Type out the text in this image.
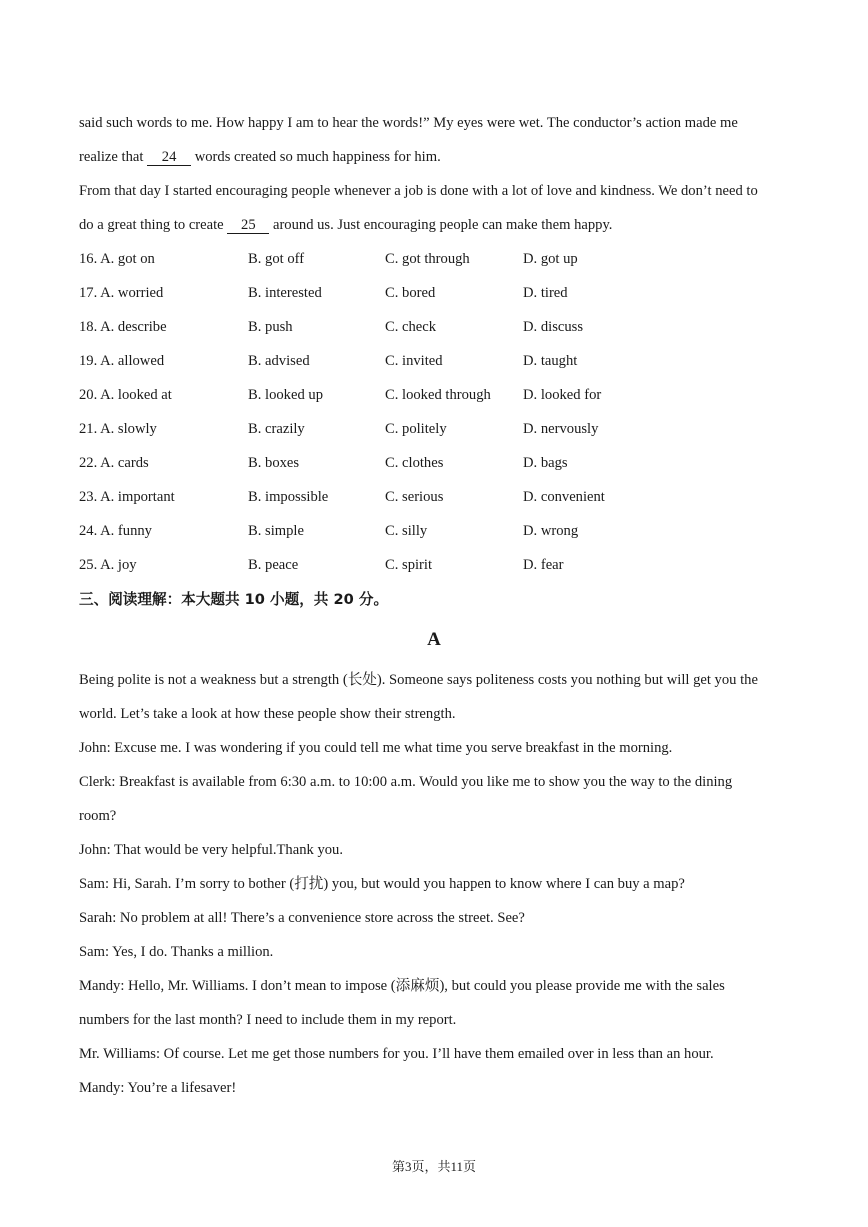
said such words to me. How happy I am to hear the words!” My eyes were wet. The conductor’s action made me
realize that 24 words created so much happiness for him.
From that day I started encouraging people whenever a job is done with a lot of love and kindness. We don’t need to
do a great thing to create 25 around us. Just encouraging people can make them happy.
16. A. got on	B. got off	C. got through	D. got up
17. A. worried	B. interested	C. bored	D. tired
18. A. describe	B. push	C. check	D. discuss
19. A. allowed	B. advised	C. invited	D. taught
20. A. looked at	B. looked up	C. looked through D. looked for
21. A. slowly	B. crazily	C. politely	D. nervously
22. A. cards	B. boxes	C. clothes	D. bags
23. A. important	B. impossible	C. serious	D. convenient
24. A. funny	B. simple	C. silly	D. wrong
25. A. joy	B. peace	C. spirit	D. fear
三、阅读理解：本大题共 10 小题，共 20 分。
A
Being polite is not a weakness but a strength (长处). Someone says politeness costs you nothing but will get you the
world. Let’s take a look at how these people show their strength.
John: Excuse me. I was wondering if you could tell me what time you serve breakfast in the morning.
Clerk: Breakfast is available from 6:30 a.m. to 10:00 a.m. Would you like me to show you the way to the dining
room?
John: That would be very helpful.Thank you.
Sam: Hi, Sarah. I’m sorry to bother (打扰) you, but would you happen to know where I can buy a map?
Sarah: No problem at all! There’s a convenience store across the street. See?
Sam: Yes, I do. Thanks a million.
Mandy: Hello, Mr. Williams. I don’t mean to impose (添麻烦), but could you please provide me with the sales
numbers for the last month? I need to include them in my report.
Mr. Williams: Of course. Let me get those numbers for you. I’ll have them emailed over in less than an hour.
Mandy: You’re a lifesaver!
第3页，共11页
